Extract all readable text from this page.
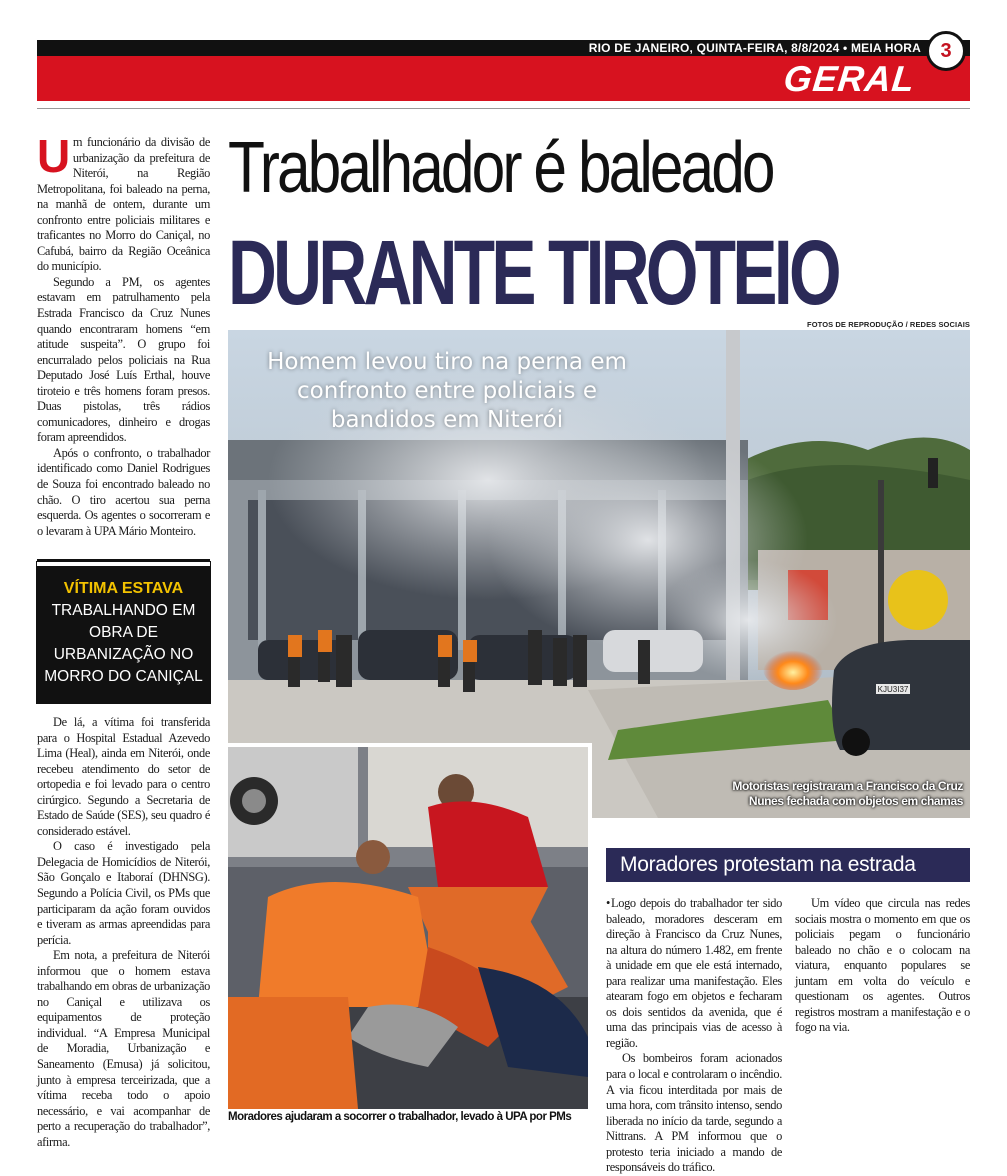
RIO DE JANEIRO, QUINTA-FEIRA, 8/8/2024 • MEIA HORA
GERAL
3

Um funcionário da divisão de urbanização da prefeitura de Niterói, na Região Metropolitana, foi baleado na perna, na manhã de ontem, durante um confronto entre policiais militares e traficantes no Morro do Caniçal, no Cafubá, bairro da Região Oceânica do município.

Segundo a PM, os agentes estavam em patrulhamento pela Estrada Francisco da Cruz Nunes quando encontraram homens “em atitude suspeita”. O grupo foi encurralado pelos policiais na Rua Deputado José Luís Erthal, houve tiroteio e três homens foram presos. Duas pistolas, três rádios comunicadores, dinheiro e drogas foram apreendidos.

Após o confronto, o trabalhador identificado como Daniel Rodrigues de Souza foi encontrado baleado no chão. O tiro acertou sua perna esquerda. Os agentes o socorreram e o levaram à UPA Mário Monteiro.

VÍTIMA ESTAVA
TRABALHANDO EM OBRA DE URBANIZAÇÃO NO MORRO DO CANIÇAL

De lá, a vítima foi transferida para o Hospital Estadual Azevedo Lima (Heal), ainda em Niterói, onde recebeu atendimento do setor de ortopedia e foi levado para o centro cirúrgico. Segundo a Secretaria de Estado de Saúde (SES), seu quadro é considerado estável.

O caso é investigado pela Delegacia de Homicídios de Niterói, São Gonçalo e Itaboraí (DHNSG). Segundo a Polícia Civil, os PMs que participaram da ação foram ouvidos e tiveram as armas apreendidas para perícia.

Em nota, a prefeitura de Niterói informou que o homem estava trabalhando em obras de urbanização no Caniçal e utilizava os equipamentos de proteção individual. “A Empresa Municipal de Moradia, Urbanização e Saneamento (Emusa) já solicitou, junto à empresa terceirizada, que a vítima receba todo o apoio necessário, e vai acompanhar de perto a recuperação do trabalhador”, afirma.

Trabalhador é baleado
DURANTE TIROTEIO
FOTOS DE REPRODUÇÃO / REDES SOCIAIS
KJU3I37
Homem levou tiro na perna em confronto entre policiais e bandidos em Niterói
Motoristas registraram a Francisco da Cruz Nunes fechada com objetos em chamas
Moradores ajudaram a socorrer o trabalhador, levado à UPA por PMs
Moradores protestam na estrada

• Logo depois do trabalhador ter sido baleado, moradores desceram em direção à Francisco da Cruz Nunes, na altura do número 1.482, em frente à unidade em que ele está internado, para realizar uma manifestação. Eles atearam fogo em objetos e fecharam os dois sentidos da avenida, que é uma das principais vias de acesso à região.

Os bombeiros foram acionados para o local e controlaram o incêndio. A via ficou interditada por mais de uma hora, com trânsito intenso, sendo liberada no início da tarde, segundo a Nittrans. A PM informou que o protesto teria iniciado a mando de responsáveis do tráfico.

Um vídeo que circula nas redes sociais mostra o momento em que os policiais pegam o funcionário baleado no chão e o colocam na viatura, enquanto populares se juntam em volta do veículo e questionam os agentes. Outros registros mostram a manifestação e o fogo na via.
